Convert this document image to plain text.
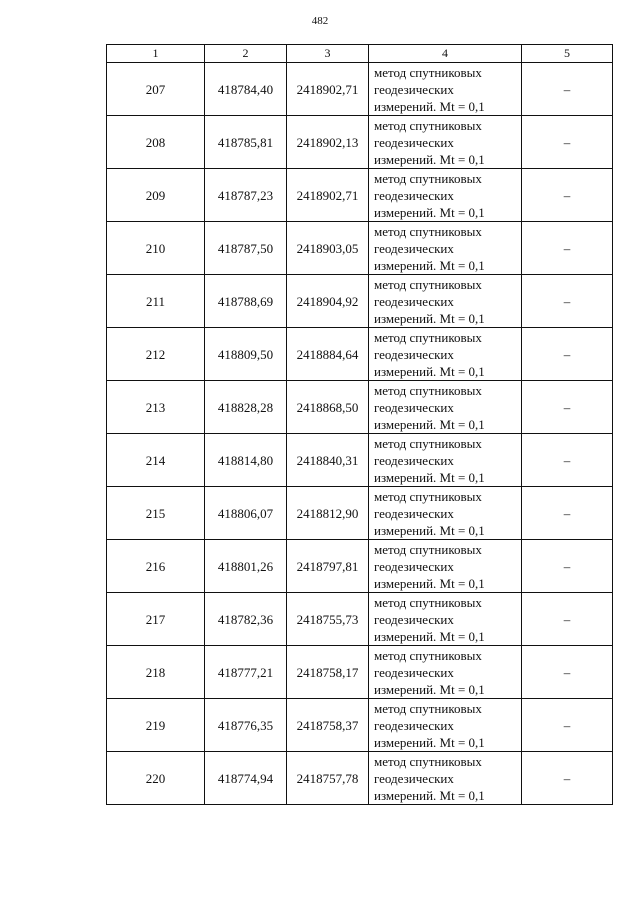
482
1	2	3	4	5
207	418784,40	2418902,71	метод спутниковых
геодезических
измерений. Mt = 0,1	–
208	418785,81	2418902,13	метод спутниковых
геодезических
измерений. Mt = 0,1	–
209	418787,23	2418902,71	метод спутниковых
геодезических
измерений. Mt = 0,1	–
210	418787,50	2418903,05	метод спутниковых
геодезических
измерений. Mt = 0,1	–
211	418788,69	2418904,92	метод спутниковых
геодезических
измерений. Mt = 0,1	–
212	418809,50	2418884,64	метод спутниковых
геодезических
измерений. Mt = 0,1	–
213	418828,28	2418868,50	метод спутниковых
геодезических
измерений. Mt = 0,1	–
214	418814,80	2418840,31	метод спутниковых
геодезических
измерений. Mt = 0,1	–
215	418806,07	2418812,90	метод спутниковых
геодезических
измерений. Mt = 0,1	–
216	418801,26	2418797,81	метод спутниковых
геодезических
измерений. Mt = 0,1	–
217	418782,36	2418755,73	метод спутниковых
геодезических
измерений. Mt = 0,1	–
218	418777,21	2418758,17	метод спутниковых
геодезических
измерений. Mt = 0,1	–
219	418776,35	2418758,37	метод спутниковых
геодезических
измерений. Mt = 0,1	–
220	418774,94	2418757,78	метод спутниковых
геодезических
измерений. Mt = 0,1	–
